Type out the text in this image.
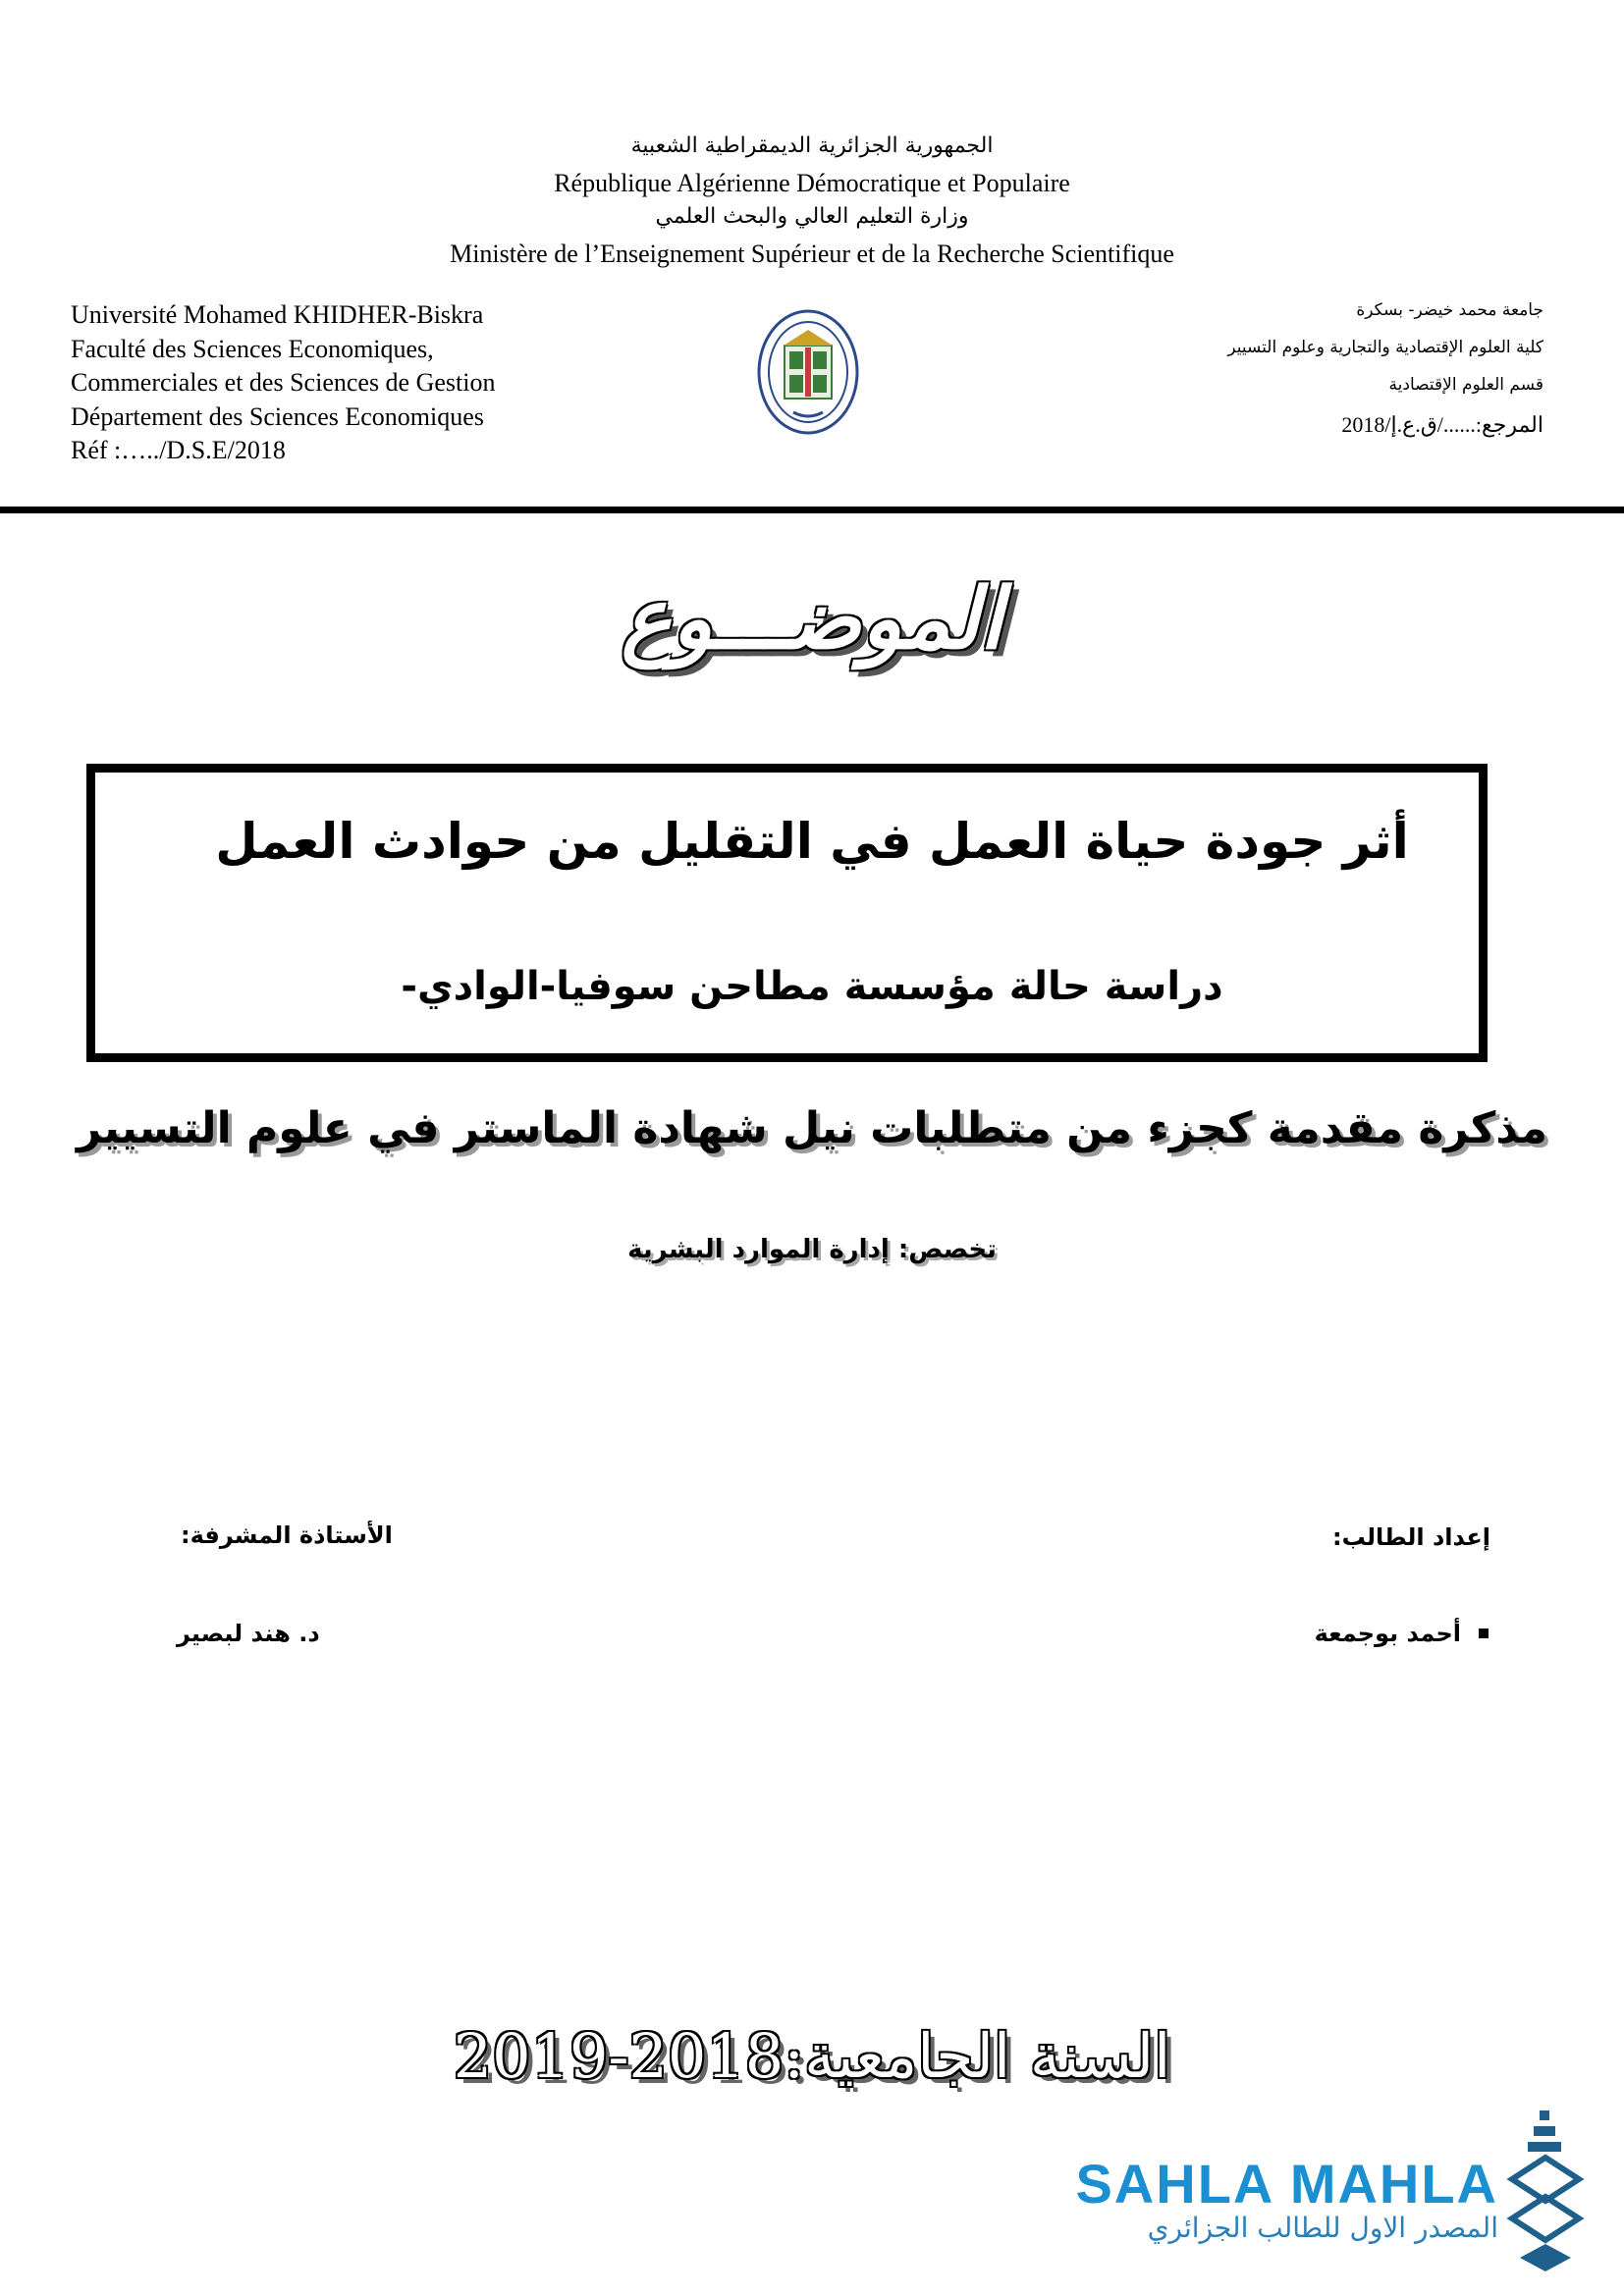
الجمهورية الجزائرية الديمقراطية الشعبية
République Algérienne Démocratique et Populaire
وزارة التعليم العالي والبحث العلمي
Ministère de l’Enseignement Supérieur et de la Recherche Scientifique
Université Mohamed KHIDHER-Biskra
Faculté des Sciences Economiques,
Commerciales et des Sciences de Gestion
Département des Sciences Economiques
Réf :…../D.S.E/2018
جامعة محمد خيضر- بسكرة
كلية العلوم الإقتصادية والتجارية وعلوم التسيير
قسم العلوم الإقتصادية
المرجع:....../ق.ع.إ/2018
الموضـــوع
أثر جودة حياة العمل في التقليل من حوادث العمل
دراسة حالة مؤسسة مطاحن سوفيا-الوادي-
مذكرة مقدمة كجزء من متطلبات نيل شهادة الماستر في علوم التسيير
تخصص: إدارة الموارد البشرية
إعداد الطالب:
الأستاذة المشرفة:
أحمد بوجمعة
د. هند لبصير
السنة الجامعية:2018-2019
SAHLA MAHLA
المصدر الاول للطالب الجزائري
